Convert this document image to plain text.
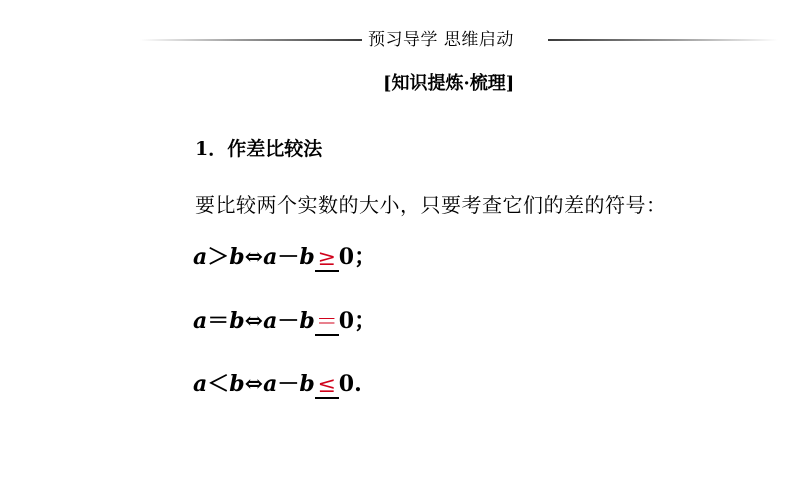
预习导学 思维启动
[知识提炼·梳理]
1．作差比较法
要比较两个实数的大小，只要考查它们的差的符号：
a＞b⇔a－b ≥ 0；
a＝b⇔a－b＝0；
a＜b⇔a－b ≤ 0.
